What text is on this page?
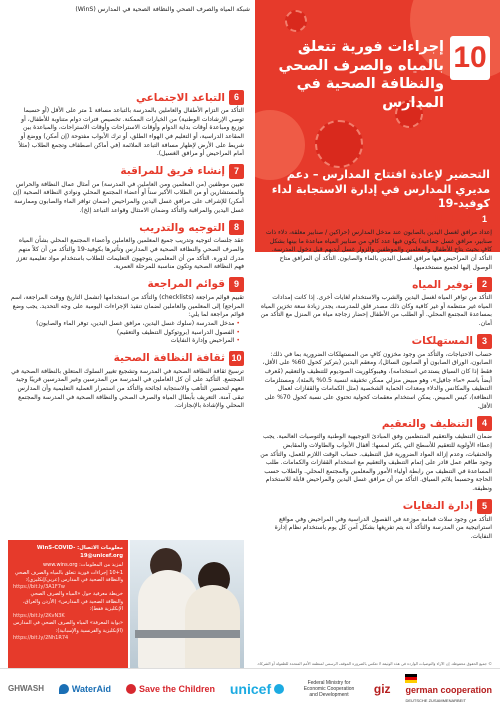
شبكة المياه والصرف الصحي والنظافة الصحية في المدارس (WinS)
10
إجراءات فورية تتعلق بالمياه والصرف الصحي والنظافة الصحية في المدارس
التحضير لإعادة افتتاح المدارس – دعم مديري المدارس في إدارة الاستجابة لداء كوفيد-19
1
غسل اليدين
إعداد مرافق لغسل اليدين بالصابون عند مدخل المدارس (حراكين / صنابير معلقة، دلاء ذات صنابير، مرافق غسل جماعية) يكون فيها عدد كافٍ من صنابير المياه مباعدة ما بينها بشكل كافٍ بحيث يتاح للأطفال والمعلمين والموظفين والزوار غسل أيديهم قبل دخول المدرسة. التأكد أن المراحيض فيها مرافق لغسل اليدين بالماء والصابون. التأكد أن المرافق متاح الوصول إليها لجميع مستخدميها.
2
توفير المياه
التأكد من توافر المياه لغسل اليدين والشرب والاستخدام لغايات أخرى. إذا كانت إمدادات المياه غير منتظمة أو غير كافية وكان ذلك مصدر قلق للمدرسة، يجدر زيادة سعة تخزين المياه بمساعدة المجتمع المحلي. أو الطلب من الأطفال إحضار زجاجة مياه من المنزل مع التأكد من أمان.
3
المستهلكات
حساب الاحتياجات، والتأكد من وجود مخزون كافٍ من المستهلكات الضرورية بما في ذلك: الصابون، الوراق الصابون أو الصابون السائل)، ومعقم اليدين (بتركيز كحول 60% على الأقل، فقط إذا كان السياق يستدعي استخدامه)، وهيبوكلوريت الصوديوم للتنظيف والتعقيم (مُعرف أيضاً باسم «ماء جافيل»، وهو مبيض منزلي ممكن تخفيفه لنسبة 0.5% بالمئة)، ومستلزمات التنظيف والمكانس والدلاء ومعدات الحماية الشخصية (مثل الكمامات والقفازات لعمال النظافة)، كيس المبيض. يمكن استخدام معقمات كحولية تحتوي على نسبة كحول 70% على الأقل.
4
التنظيف والتعقيم
ضمان التنظيف والتعقيم المنتظمين وفق المبادئ التوجيهية الوطنية والتوصيات العالمية. يجب إعطاء الأولوية للتعقيم للأسطح التي يكثر لمسها: أقفال الأبواب والطاولات والمقابض والحنفيات، وعدم إزالة المواد الضرورية قبل التنظيف. حساب الوقت اللازم للعمل، والتأكد من وجود طاقم عمل قادر على إتمام التنظيف والتعقيم مع استخدام القفازات والكمامات. طلب المساعدة في التنظيف من رابطة أولياء الأمور والمعلمين والمجتمع المحلي. والطلاب حسب الحاجة وحسبما يلائم السياق. التأكد من أن مرافق غسل اليدين والمراحيض قابلة للاستخدام ونظيفة.
5
إدارة النفايات
التأكد من وجود سلات قمامة موزعة في الفصول الدراسية وفي المراحيض وفي مواقع استراتيجية من المدرسة والتأكد أنه يتم تفريغها بشكل آمن كل يوم باستخدام نظام إدارة النفايات.
6
التباعد الاجتماعي
التأكد من التزام الأطفال والعاملين بالمدرسة بالتباعد مسافة 1 متر على الأقل (أو حسبما توصي الإرشادات الوطنية) من الخيارات الممكنة. تخصيص فترات دوام متناوبة للأطفال، أو توزيع ومباعدة أوقات بداية الدوام وأوقات الاستراحات وأوقات الاستراحات، والمباعدة بين المقاعد الدراسية، أو التعليم في الهواء الطلق، أو ترك الأبواب مفتوحة (إن أمكن) ووضع أو شريط على الأرض لإظهار مسافة التباعد الملائمة (في أماكن اصطفاف وتجمع الطلاب (مثلاً أمام المراحيض أو مرافق الغسيل).
7
إنشاء فريق للمراقبة
تعيين موظفين (من المعلمين ومن العاملين في المدرسة) من أمثال عمال النظافة والحراس والمستشارين أو من الطلاب الأكبر سناً أو أعضاء المجتمع المحلي ونوادي النظافة الصحية (إن أمكن) للإشراف على مرافق غسل اليدين والمراحيض (ضمان توافر الماء والصابون وممارسة غسل اليدين والمراقبة والتأكد وضمان الامتثال وقواعد التباعد إلخ).
8
التوجيه والتدريب
عقد جلسات لتوجيه وتدريب جميع المعلمين والعاملين وأعضاء المجتمع المحلي بشأن المياه والصرف الصحي والنظافة الصحية في المدارس وتأثيرها بكوفيد-19 والتأكد من أن كلاً منهم مدرك لدوره. التأكد من أن المعلمين يتوجهون التعليمات للطلاب باستخدام مواد تعليمية تعزز فهم النظافة الصحية وتكون مناسبة للمرحلة العمرية.
9
قوائم المراجعة
تقييم قوائم مراجعة (checklists) والتأكد من استخدامها (تشمل التاريخ ووقت المراجعة، اسم المراجع) إلى المعلمين والعاملين لضمان تنفيذ الإجراءات اليومية على وجه التحديد. يجب وضع قوائم مراجعة لما يلي:
• مدخل المدرسة (سلوك غسل اليدين، مرافق غسل اليدين، توفر الماء والصابون)
• الفصول الدراسية (بروتوكول التنظيف والتعقيم)
• المراحيض وإدارة النفايات
10
ثقافة النظافة الصحية
ترسيخ ثقافة النظافة الصحية في المدرسة وتشجيع تغيير السلوك المتعلق بالنظافة الصحية في المجتمع. التأكيد على أن كل العاملين في المدرسة من المدرسين وغير المدرسين قريبًا وجيد معهم لتحسين التأهب والاستجابة لجائحة والتأكد من استمرار العملية التعليمية وأن المدارس تبقى آمنة. التعريف بأبطال المياه والصرف الصحي والنظافة الصحية في المدرسة والمجتمع المحلي والإشادة بالإنجازات.
معلومات الاتصال: WinS-COVID-19@unicef.org
لمزيد من المعلومات: www.wins.org
10+1 إجراءات فورية تتعلق بالمياه والصرف الصحي والنظافة الصحية في المدارس (عربي/إنكليزي):
https://bit.ly/3A1F7w
خريطة معرفية حول «المياه والصرف الصحي والنظافة الصحية في المدارس» (الأردن والعراق، الإنكليزية فقط):
https://bit.ly/2KvN3K
«بوابة المعرفة» المياه والصرف الصحي في المدارس (الإنكليزية والفرنسية والإسبانية):
https://bit.ly/2Nh1R74
© جميع الحقوق محفوظة. إن الآراء والتوصيات الواردة في هذه الوثيقة لا تعكس بالضرورة الموقف الرسمي لمنظمة الأمم المتحدة للطفولة أو الشركاء.
german cooperation
DEUTSCHE ZUSAMMENARBEIT
giz
Federal Ministry for Economic Cooperation and Development
unicef
Save the Children
WaterAid
GHWASH
